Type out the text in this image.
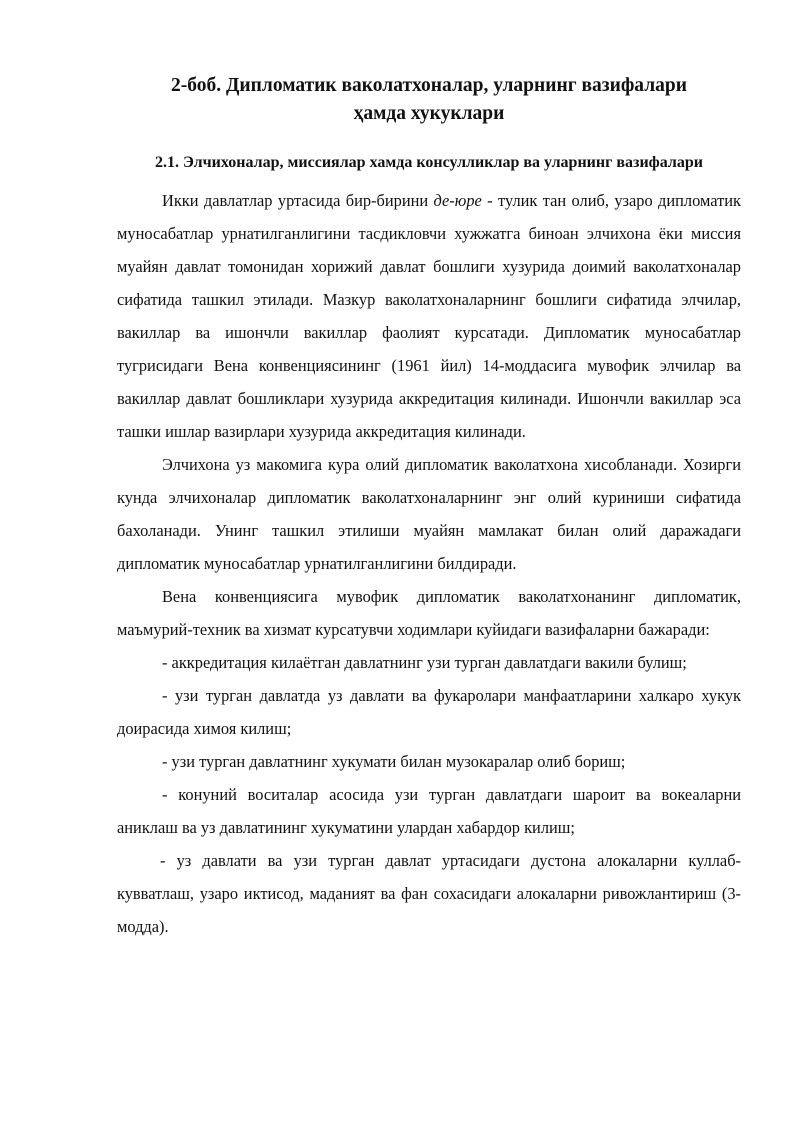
2-боб. Дипломатик ваколатхоналар, уларнинг вазифалари
ҳамда хукуклари
2.1. Элчихоналар, миссиялар хамда консулликлар ва уларнинг вазифалари

Икки давлатлар уртасида бир-бирини де-юре - тулик тан олиб, узаро дипломатик муносабатлар урнатилганлигини тасдикловчи хужжатга биноан элчихона ёки миссия муайян давлат томонидан хорижий давлат бошлиги хузурида доимий ваколатхоналар сифатида ташкил этилади. Мазкур ваколатхоналарнинг бошлиги сифатида элчилар, вакиллар ва ишончли вакиллар фаолият курсатади. Дипломатик муносабатлар тугрисидаги Вена конвенциясининг (1961 йил) 14-моддасига мувофик элчилар ва вакиллар давлат бошликлари хузурида аккредитация килинади. Ишончли вакиллар эса ташки ишлар вазирлари хузурида аккредитация килинади.

Элчихона уз макомига кура олий дипломатик ваколатхона хисобланади. Хозирги кунда элчихоналар дипломатик ваколатхоналарнинг энг олий куриниши сифатида бахоланади. Унинг ташкил этилиши муайян мамлакат билан олий даражадаги дипломатик муносабатлар урнатилганлигини билдиради.

Вена конвенциясига мувофик дипломатик ваколатхонанинг дипломатик, маъмурий-техник ва хизмат курсатувчи ходимлари куйидаги вазифаларни бажаради:

- аккредитация килаётган давлатнинг узи турган давлатдаги вакили булиш;

- узи турган давлатда уз давлати ва фукаролари манфаатларини халкаро хукук доирасида химоя килиш;

- узи турган давлатнинг хукумати билан музокаралар олиб бориш;

- конуний воситалар асосида узи турган давлатдаги шароит ва вокеаларни аниклаш ва уз давлатининг хукуматини улардан хабардор килиш;

- уз давлати ва узи турган давлат уртасидаги дустона алокаларни куллаб-кувватлаш, узаро иктисод, маданият ва фан сохасидаги алокаларни ривожлантириш (3-модда).
